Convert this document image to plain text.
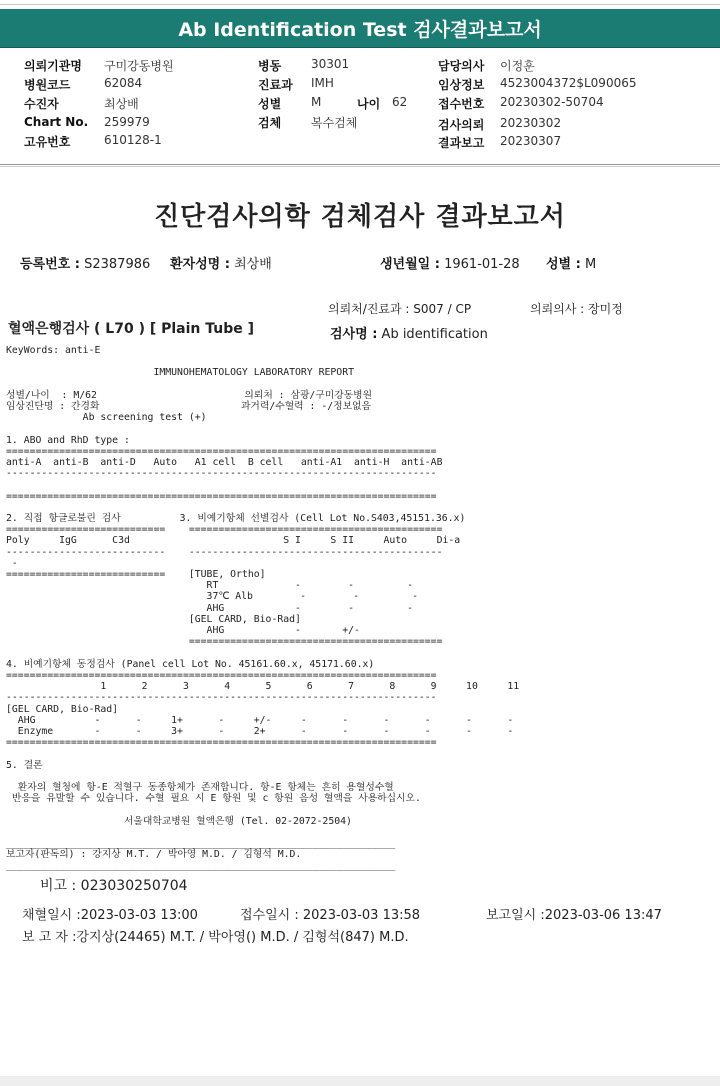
Ab Identification Test 검사결과보고서
의뢰기관명 구미강동병원
병원코드	62084
수진자	최상배
Chart No. 259979
고유번호	610128-1
병동 30301
진료과 IMH
성별 M	나이 62
검체 복수검체
담당의사 이정훈
임상정보 4523004372$L090065
접수번호 20230302-50704
검사의뢰 20230302
결과보고 20230307
진단검사의학 검체검사 결과보고서
등록번호 : S2387986 환자성명 : 최상배	생년월일 : 1961-01-28 성별 : M
의뢰처/진료과 : S007 / CP	의뢰의사 : 장미정
혈액은행검사 ( L70 ) [ Plain Tube ]	검사명 : Ab identification
KeyWords: anti-E

IMMUNOHEMATOLOGY LABORATORY REPORT

성별/나이  : M/62                         의뢰처 : 삼광/구미강동병원
임상진단명 : 간경화                        과거력/수혈력 : -/정보없음
Ab screening test (+)

1. ABO and RhD type :
=========================================================================
anti-A  anti-B  anti-D   Auto   A1 cell  B cell   anti-A1  anti-H  anti-AB
-------------------------------------------------------------------------

=========================================================================

2. 직접 항글로불린 검사          3. 비예기항체 선별검사 (Cell Lot No.S403,45151.36.x)
===========================    ===========================================
Poly     IgG      C3d                          S I     S II     Auto     Di-a
---------------------------    -------------------------------------------
-
===========================    [TUBE, Ortho]
RT             -        -         -
37℃ Alb        -        -         -
AHG            -        -         -
[GEL CARD, Bio-Rad]
AHG            -       +/-
===========================================

4. 비예기항체 동정검사 (Panel cell Lot No. 45161.60.x, 45171.60.x)
=========================================================================
1      2      3      4      5      6      7      8      9     10     11
-------------------------------------------------------------------------
[GEL CARD, Bio-Rad]
AHG          -      -     1+      -     +/-     -      -      -      -      -      -
Enzyme       -      -     3+      -     2+      -      -      -      -      -      -
=========================================================================

5. 결론

환자의 혈청에 항-E 적혈구 동종항체가 존재합니다. 항-E 항체는 흔히 용혈성수혈
반응을 유발할 수 있습니다. 수혈 필요 시 E 항원 및 c 항원 음성 혈액을 사용하십시오.

서울대학교병원 혈액은행 (Tel. 02-2072-2504)

__________________________________________________________________
보고자(판독의) : 강지상 M.T. / 박아영 M.D. / 김형석 M.D.
__________________________________________________________________

비고 : 023030250704
채혈일시 :2023-03-03 13:00	접수일시 : 2023-03-03 13:58	보고일시 :2023-03-06 13:47
보 고 자 :강지상(24465) M.T. / 박아영() M.D. / 김형석(847) M.D.
